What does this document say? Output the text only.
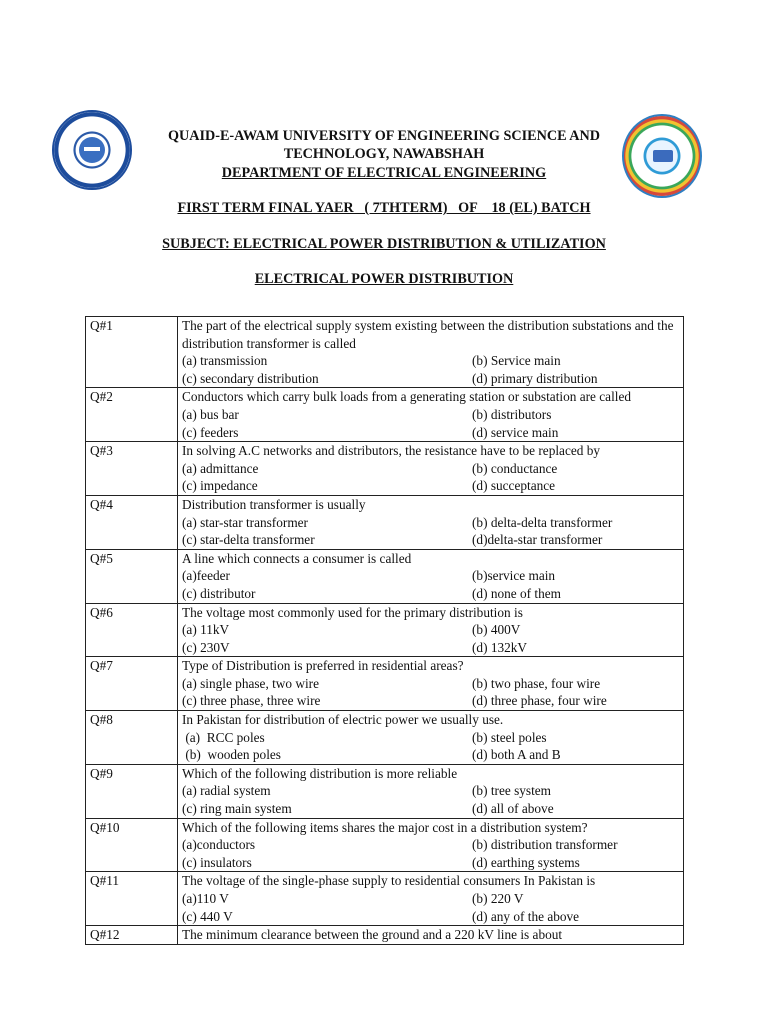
QUAID-E-AWAM UNIVERSITY OF ENGINEERING SCIENCE AND
TECHNOLOGY, NAWABSHAH
DEPARTMENT OF ELECTRICAL ENGINEERING
FIRST TERM FINAL YAER   ( 7THTERM)   OF    18 (EL) BATCH
SUBJECT: ELECTRICAL POWER DISTRIBUTION & UTILIZATION
ELECTRICAL POWER DISTRIBUTION
Q#1	The part of the electrical supply system existing between the distribution substations and the distribution transformer is called
(a) transmission (b) Service main
(c) secondary distribution (d) primary distribution

Q#2	Conductors which carry bulk loads from a generating station or substation are called
(a) bus bar (b) distributors
(c) feeders (d) service main

Q#3	In solving A.C networks and distributors, the resistance have to be replaced by
(a) admittance (b) conductance
(c) impedance (d) succeptance

Q#4	Distribution transformer is usually
(a) star-star transformer (b) delta-delta transformer
(c) star-delta transformer (d)delta-star transformer

Q#5	A line which connects a consumer is called
(a)feeder (b)service main
(c) distributor (d) none of them

Q#6	The voltage most commonly used for the primary distribution is
(a) 11kV (b) 400V
(c) 230V (d) 132kV

Q#7	Type of Distribution is preferred in residential areas?
(a) single phase, two wire (b) two phase, four wire
(c) three phase, three wire (d) three phase, four wire

Q#8	In Pakistan for distribution of electric power we usually use.
(a)  RCC poles (b) steel poles
(b)  wooden poles (d) both A and B

Q#9	Which of the following distribution is more reliable
(a) radial system (b) tree system
(c) ring main system (d) all of above

Q#10	Which of the following items shares the major cost in a distribution system?
(a)conductors (b) distribution transformer
(c) insulators (d) earthing systems

Q#11	The voltage of the single-phase supply to residential consumers In Pakistan is
(a)110 V (b) 220 V
(c) 440 V (d) any of the above

Q#12	The minimum clearance between the ground and a 220 kV line is about
